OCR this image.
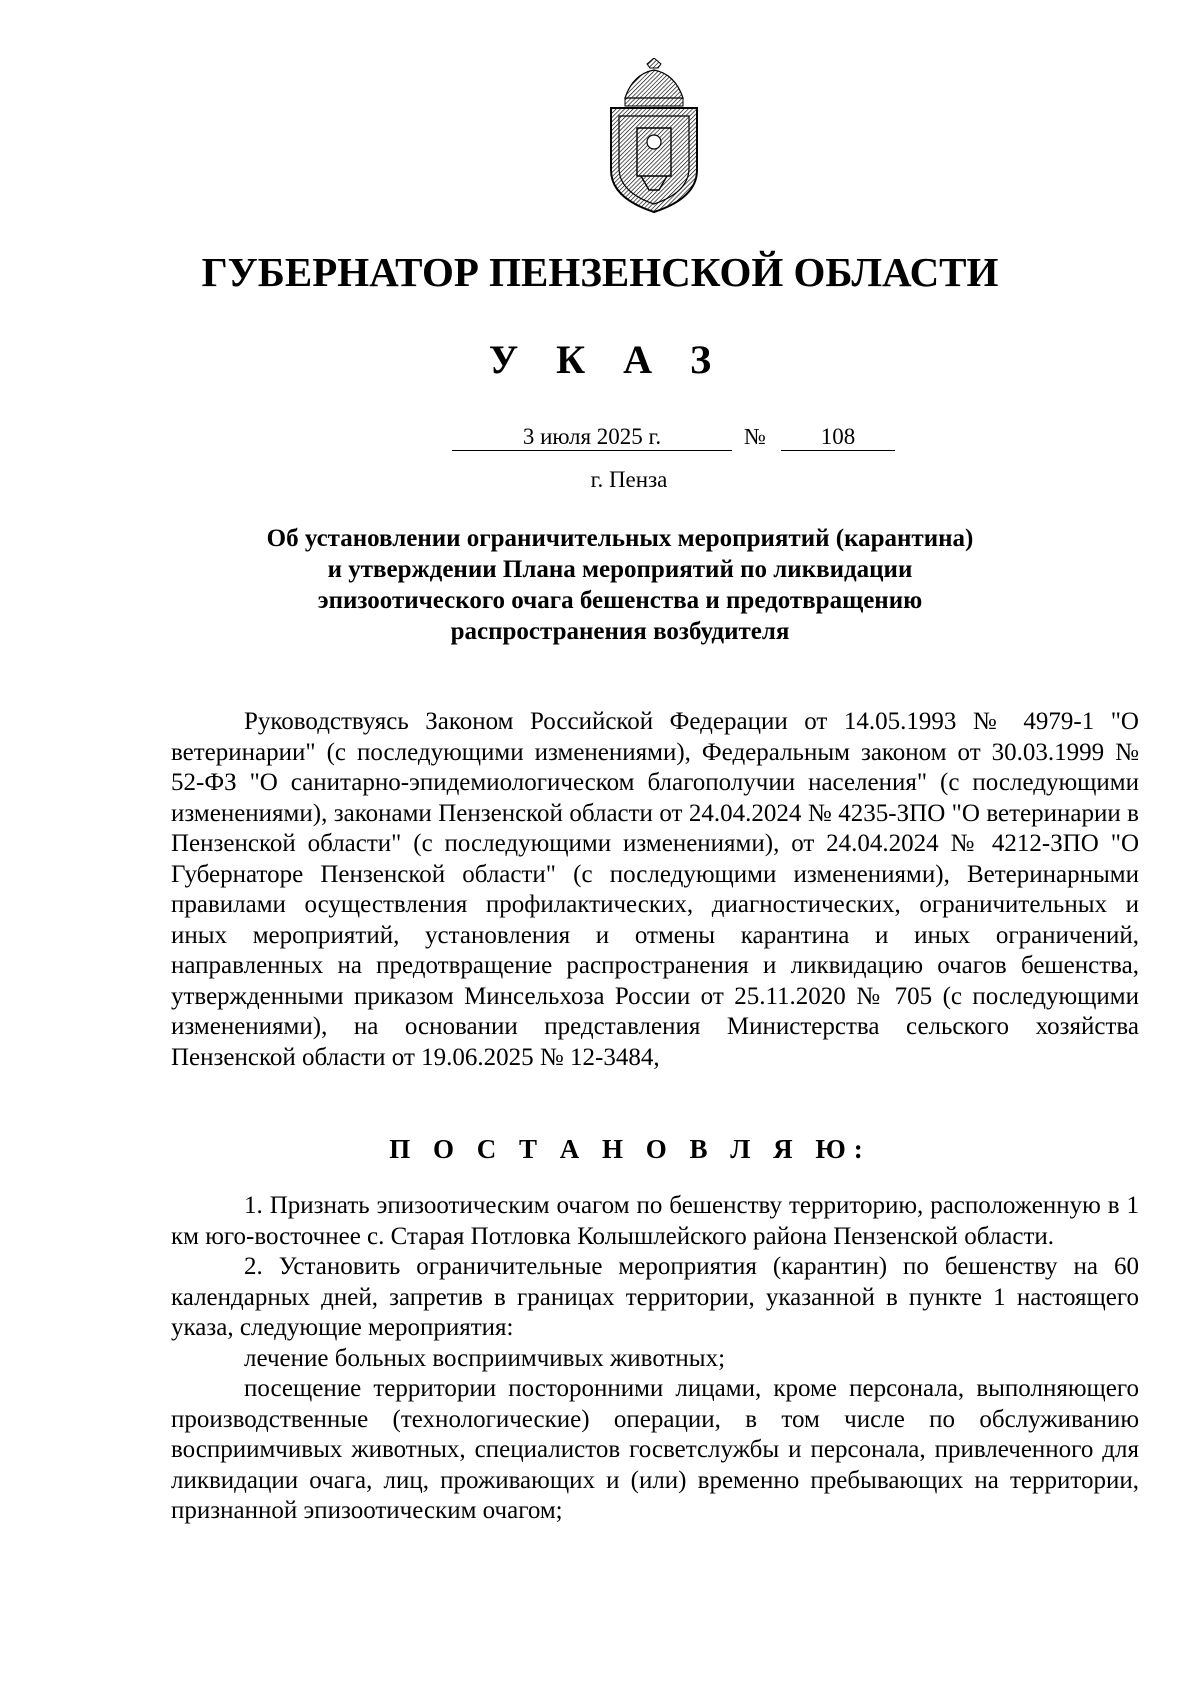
ГУБЕРНАТОР ПЕНЗЕНСКОЙ ОБЛАСТИ
У К А З
3 июля 2025 г.	№	108
г. Пенза
Об установлении ограничительных мероприятий (карантина)
и утверждении Плана мероприятий по ликвидации
эпизоотического очага бешенства и предотвращению
распространения возбудителя

Руководствуясь Законом Российской Федерации от 14.05.1993 № 4979-1 "О ветеринарии" (с последующими изменениями), Федеральным законом от 30.03.1999 № 52-ФЗ "О санитарно-эпидемиологическом благополучии населения" (с последующими изменениями), законами Пензенской области от 24.04.2024 № 4235-ЗПО "О ветеринарии в Пензенской области" (с последующими изменениями), от 24.04.2024 № 4212-ЗПО "О Губернаторе Пензенской области" (с последующими изменениями), Ветеринарными правилами осуществления профилактических, диагностических, ограничительных и иных мероприятий, установления и отмены карантина и иных ограничений, направленных на предотвращение распространения и ликвидацию очагов бешенства, утвержденными приказом Минсельхоза России от 25.11.2020 № 705 (с последующими изменениями), на основании представления Министерства сельского хозяйства Пензенской области от 19.06.2025 № 12-3484,

П О С Т А Н О В Л Я Ю:

1. Признать эпизоотическим очагом по бешенству территорию, расположенную в 1 км юго-восточнее с. Старая Потловка Колышлейского района Пензенской области.

2. Установить ограничительные мероприятия (карантин) по бешенству на 60 календарных дней, запретив в границах территории, указанной в пункте 1 настоящего указа, следующие мероприятия:

лечение больных восприимчивых животных;

посещение территории посторонними лицами, кроме персонала, выполняющего производственные (технологические) операции, в том числе по обслуживанию восприимчивых животных, специалистов госветслужбы и персонала, привлеченного для ликвидации очага, лиц, проживающих и (или) временно пребывающих на территории, признанной эпизоотическим очагом;
